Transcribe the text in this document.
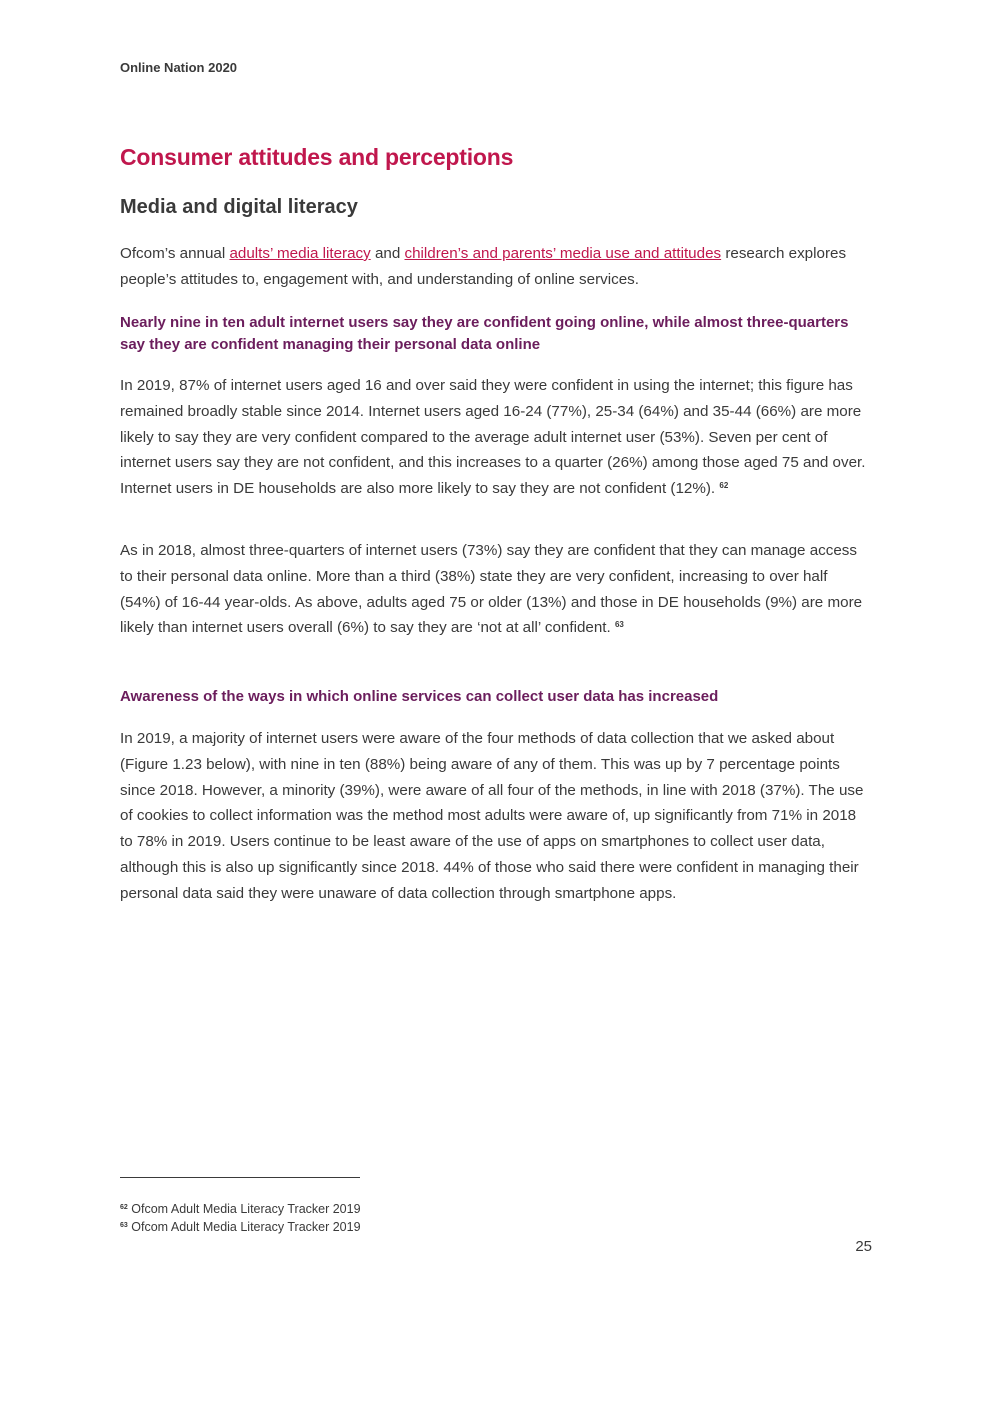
Online Nation 2020
Consumer attitudes and perceptions
Media and digital literacy

Ofcom’s annual adults’ media literacy and children’s and parents’ media use and attitudes research explores people’s attitudes to, engagement with, and understanding of online services.

Nearly nine in ten adult internet users say they are confident going online, while almost three-quarters say they are confident managing their personal data online

In 2019, 87% of internet users aged 16 and over said they were confident in using the internet; this figure has remained broadly stable since 2014. Internet users aged 16-24 (77%), 25-34 (64%) and 35-44 (66%) are more likely to say they are very confident compared to the average adult internet user (53%). Seven per cent of internet users say they are not confident, and this increases to a quarter (26%) among those aged 75 and over. Internet users in DE households are also more likely to say they are not confident (12%). $^{62}$

As in 2018, almost three-quarters of internet users (73%) say they are confident that they can manage access to their personal data online. More than a third (38%) state they are very confident, increasing to over half (54%) of 16-44 year-olds. As above, adults aged 75 or older (13%) and those in DE households (9%) are more likely than internet users overall (6%) to say they are ‘not at all’ confident. $^{63}$

Awareness of the ways in which online services can collect user data has increased

In 2019, a majority of internet users were aware of the four methods of data collection that we asked about (Figure 1.23 below), with nine in ten (88%) being aware of any of them. This was up by 7 percentage points since 2018. However, a minority (39%), were aware of all four of the methods, in line with 2018 (37%). The use of cookies to collect information was the method most adults were aware of, up significantly from 71% in 2018 to 78% in 2019. Users continue to be least aware of the use of apps on smartphones to collect user data, although this is also up significantly since 2018. 44% of those who said there were confident in managing their personal data said they were unaware of data collection through smartphone apps.

$^{62}$ Ofcom Adult Media Literacy Tracker 2019
$^{63}$ Ofcom Adult Media Literacy Tracker 2019
25
